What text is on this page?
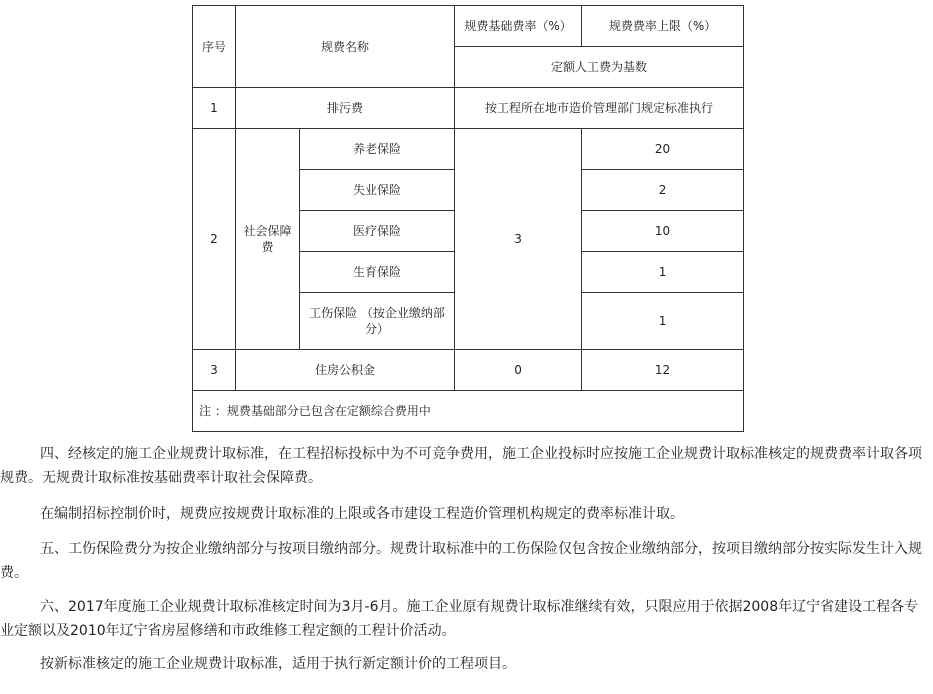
序号	规费名称		规费基础费率（%）	规费费率上限（%）
			定额人工费为基数	
1	排污费		按工程所在地市造价管理部门规定标准执行	
2	社会保障费	养老保险	3	20
		失业保险		2
		医疗保险		10
		生育保险		1
		工伤保险 （按企业缴纳部分）		1
3	住房公积金		0	12
注 ：规费基础部分已包含在定额综合费用中				

四、经核定的施工企业规费计取标准，在工程招标投标中为不可竞争费用，施工企业投标时应按施工企业规费计取标准核定的规费费率计取各项规费。无规费计取标准按基础费率计取社会保障费。

在编制招标控制价时，规费应按规费计取标准的上限或各市建设工程造价管理机构规定的费率标准计取。

五、工伤保险费分为按企业缴纳部分与按项目缴纳部分。规费计取标准中的工伤保险仅包含按企业缴纳部分，按项目缴纳部分按实际发生计入规费。

六、2017年度施工企业规费计取标准核定时间为3月-6月。施工企业原有规费计取标准继续有效，只限应用于依据2008年辽宁省建设工程各专业定额以及2010年辽宁省房屋修缮和市政维修工程定额的工程计价活动。

按新标准核定的施工企业规费计取标准，适用于执行新定额计价的工程项目。
